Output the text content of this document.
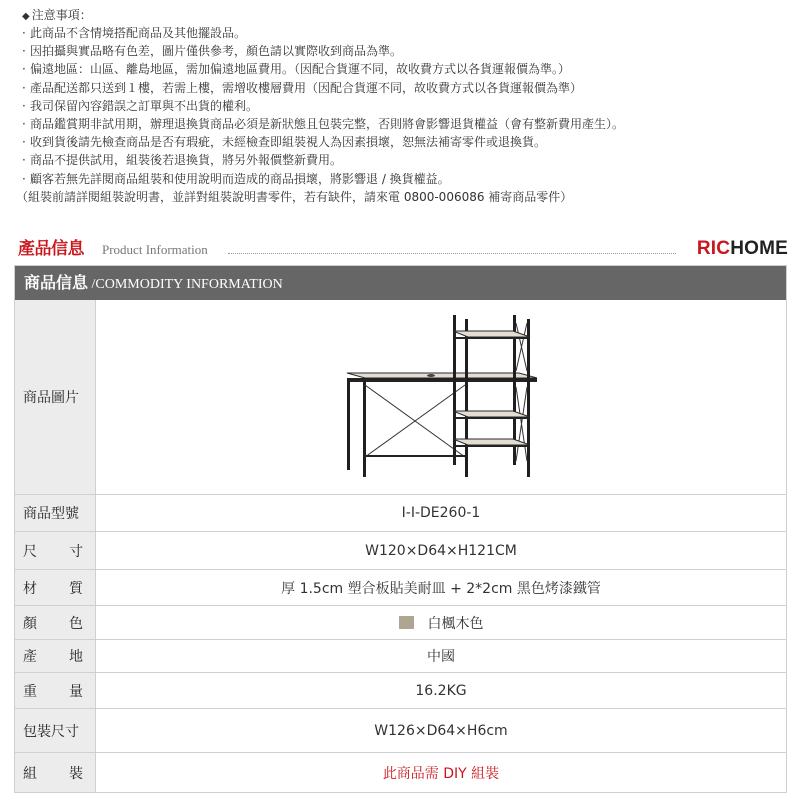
◆ 注意事項：
· 此商品不含情境搭配商品及其他擺設品。
· 因拍攝與實品略有色差，圖片僅供參考，顏色請以實際收到商品為準。
· 偏遠地區：山區、離島地區，需加偏遠地區費用。（因配合貨運不同，故收費方式以各貨運報價為準。）
· 產品配送都只送到１樓，若需上樓，需增收樓層費用（因配合貨運不同，故收費方式以各貨運報價為準）
· 我司保留內容錯誤之訂單與不出貨的權利。
· 商品鑑賞期非試用期，辦理退換貨商品必須是新狀態且包裝完整，否則將會影響退貨權益（會有整新費用產生）。
· 收到貨後請先檢查商品是否有瑕疵，未經檢查即組裝視人為因素損壞，恕無法補寄零件或退換貨。
· 商品不提供試用，組裝後若退換貨，將另外報價整新費用。
· 顧客若無先詳閱商品組裝和使用說明而造成的商品損壞，將影響退 / 換貨權益。
（組裝前請詳閱組裝說明書，並詳對組裝說明書零件，若有缺件，請來電 0800-006086 補寄商品零件）
產品信息 Product Information	RICHOME
商品信息 /COMMODITY INFORMATION
商品圖片
商品型號	I-I-DE260-1
尺 寸	W120×D64×H121CM
材 質	厚 1.5cm 塑合板貼美耐皿 + 2*2cm 黑色烤漆鐵管
顏 色	白楓木色
產 地	中國
重 量	16.2KG
包裝尺寸	W126×D64×H6cm
組 裝	此商品需 DIY 組裝
